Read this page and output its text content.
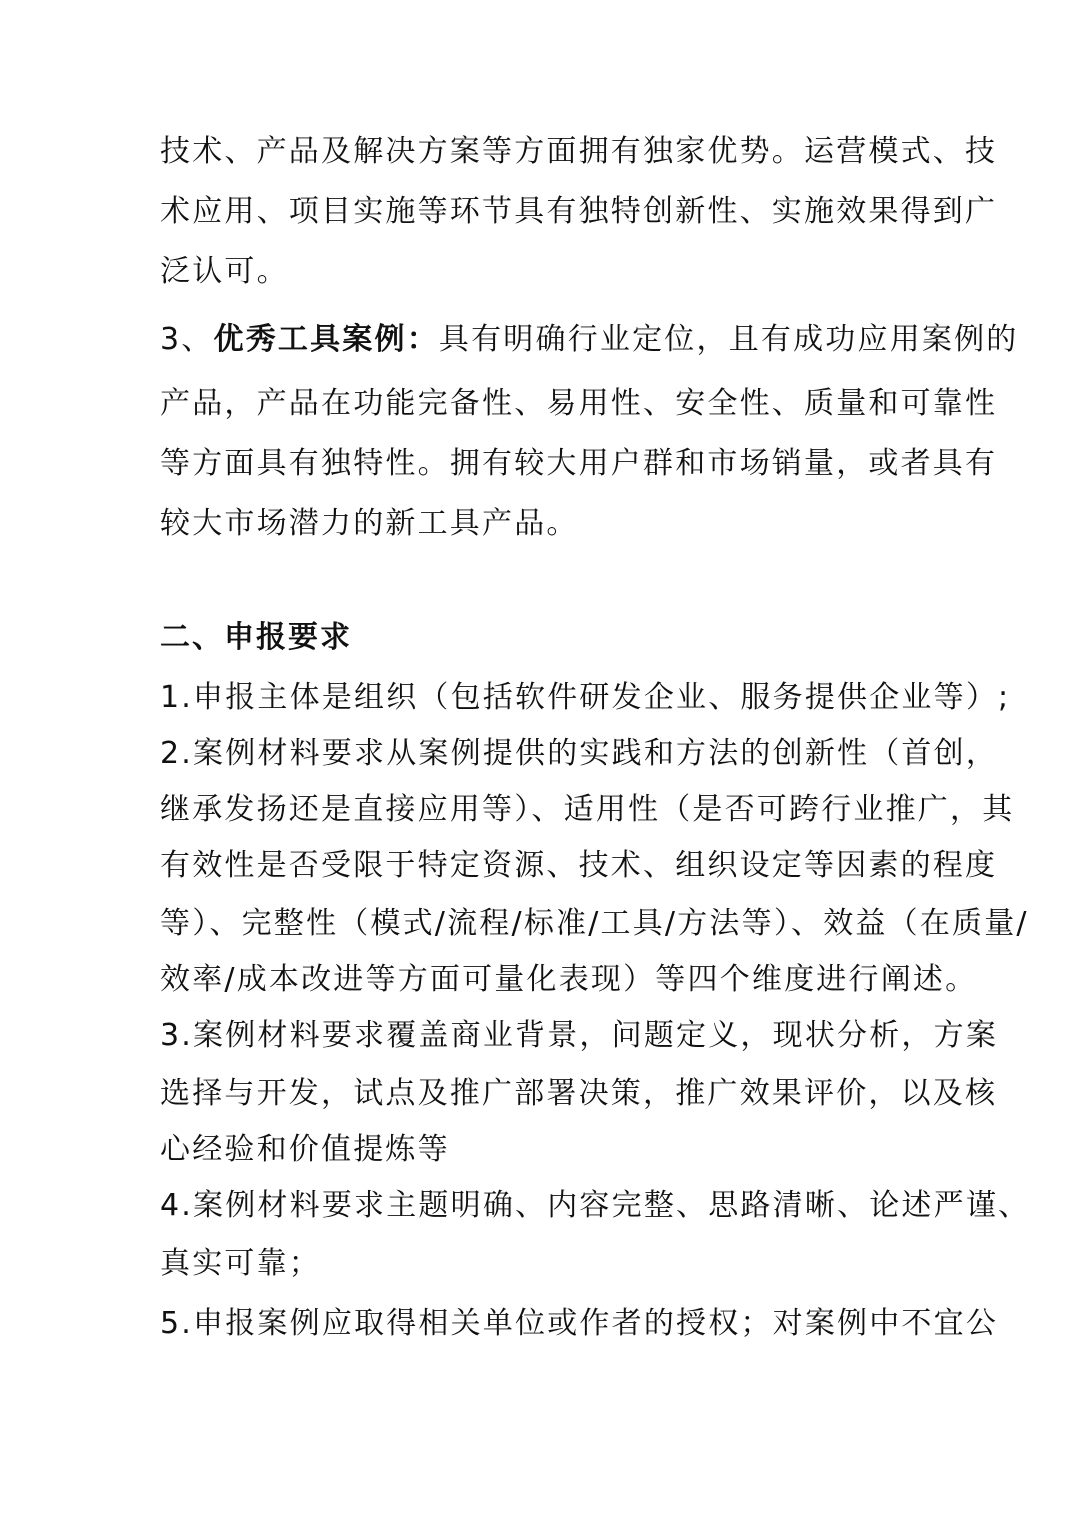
技术、产品及解决方案等方面拥有独家优势。运营模式、技
术应用、项目实施等环节具有独特创新性、实施效果得到广
泛认可。
3、优秀工具案例：具有明确行业定位，且有成功应用案例的
产品，产品在功能完备性、易用性、安全性、质量和可靠性
等方面具有独特性。拥有较大用户群和市场销量，或者具有
较大市场潜力的新工具产品。
二、申报要求
1.申报主体是组织（包括软件研发企业、服务提供企业等）;
2.案例材料要求从案例提供的实践和方法的创新性（首创，
继承发扬还是直接应用等）、适用性（是否可跨行业推广，其
有效性是否受限于特定资源、技术、组织设定等因素的程度
等）、完整性（模式/流程/标准/工具/方法等）、效益（在质量/
效率/成本改进等方面可量化表现）等四个维度进行阐述。
3.案例材料要求覆盖商业背景，问题定义，现状分析，方案
选择与开发，试点及推广部署决策，推广效果评价，以及核
心经验和价值提炼等
4.案例材料要求主题明确、内容完整、思路清晰、论述严谨、
真实可靠；
5.申报案例应取得相关单位或作者的授权；对案例中不宜公
